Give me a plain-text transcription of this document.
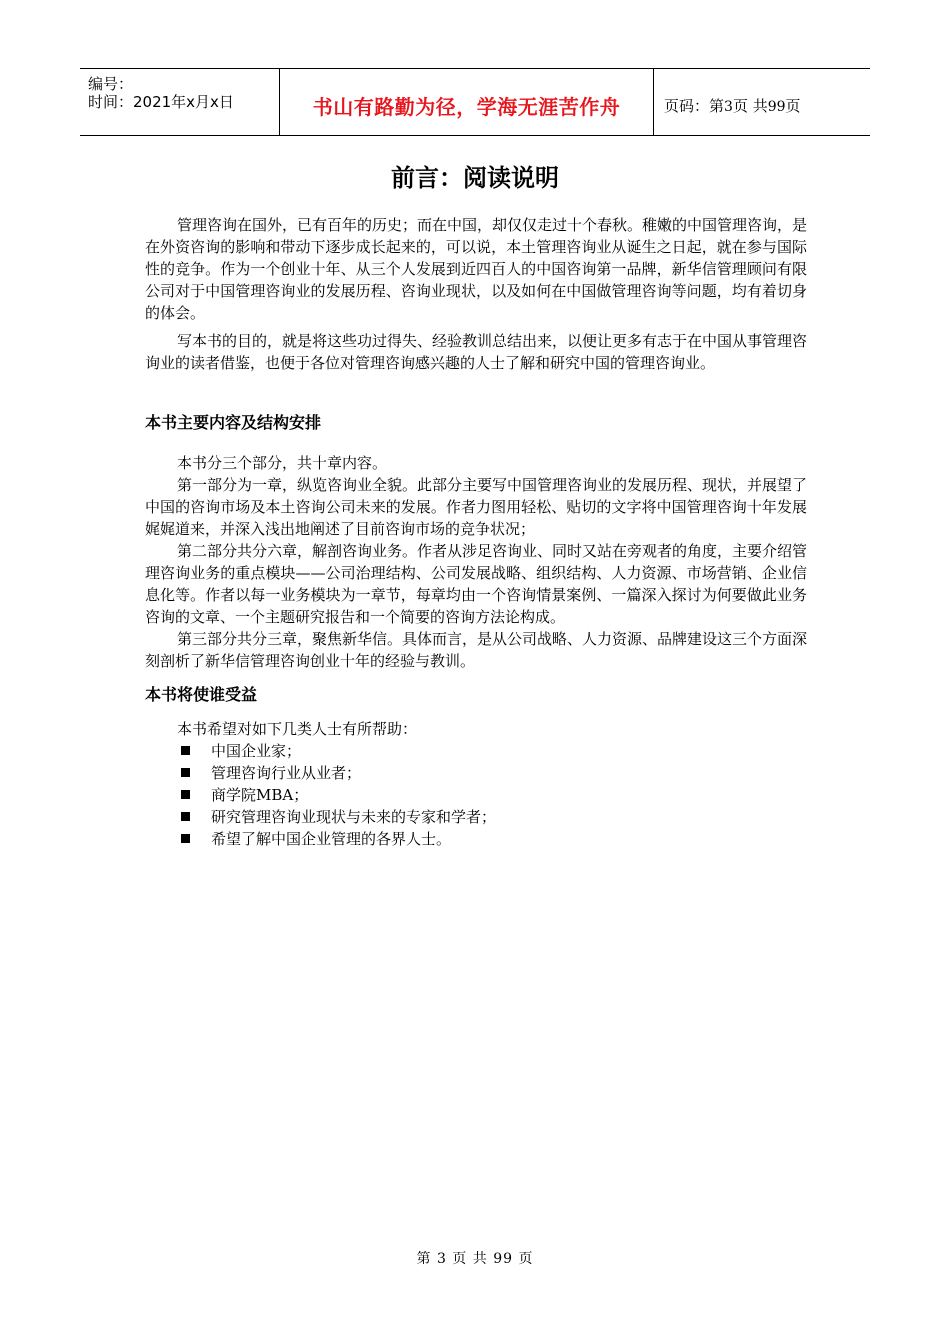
编号：
时间：2021年x月x日	书山有路勤为径，学海无涯苦作舟	页码：第3页 共99页
前言：阅读说明

管理咨询在国外，已有百年的历史；而在中国，却仅仅走过十个春秋。稚嫩的中国管理咨询，是在外资咨询的影响和带动下逐步成长起来的，可以说，本土管理咨询业从诞生之日起，就在参与国际性的竞争。作为一个创业十年、从三个人发展到近四百人的中国咨询第一品牌，新华信管理顾问有限公司对于中国管理咨询业的发展历程、咨询业现状，以及如何在中国做管理咨询等问题，均有着切身的体会。

写本书的目的，就是将这些功过得失、经验教训总结出来，以便让更多有志于在中国从事管理咨询业的读者借鉴，也便于各位对管理咨询感兴趣的人士了解和研究中国的管理咨询业。

本书主要内容及结构安排

本书分三个部分，共十章内容。

第一部分为一章，纵览咨询业全貌。此部分主要写中国管理咨询业的发展历程、现状，并展望了中国的咨询市场及本土咨询公司未来的发展。作者力图用轻松、贴切的文字将中国管理咨询十年发展娓娓道来，并深入浅出地阐述了目前咨询市场的竞争状况；

第二部分共分六章，解剖咨询业务。作者从涉足咨询业、同时又站在旁观者的角度，主要介绍管理咨询业务的重点模块——公司治理结构、公司发展战略、组织结构、人力资源、市场营销、企业信息化等。作者以每一业务模块为一章节，每章均由一个咨询情景案例、一篇深入探讨为何要做此业务咨询的文章、一个主题研究报告和一个简要的咨询方法论构成。

第三部分共分三章，聚焦新华信。具体而言，是从公司战略、人力资源、品牌建设这三个方面深刻剖析了新华信管理咨询创业十年的经验与教训。

本书将使谁受益

本书希望对如下几类人士有所帮助：

中国企业家；
管理咨询行业从业者；
商学院MBA；
研究管理咨询业现状与未来的专家和学者；
希望了解中国企业管理的各界人士。
第 3 页 共 99 页
